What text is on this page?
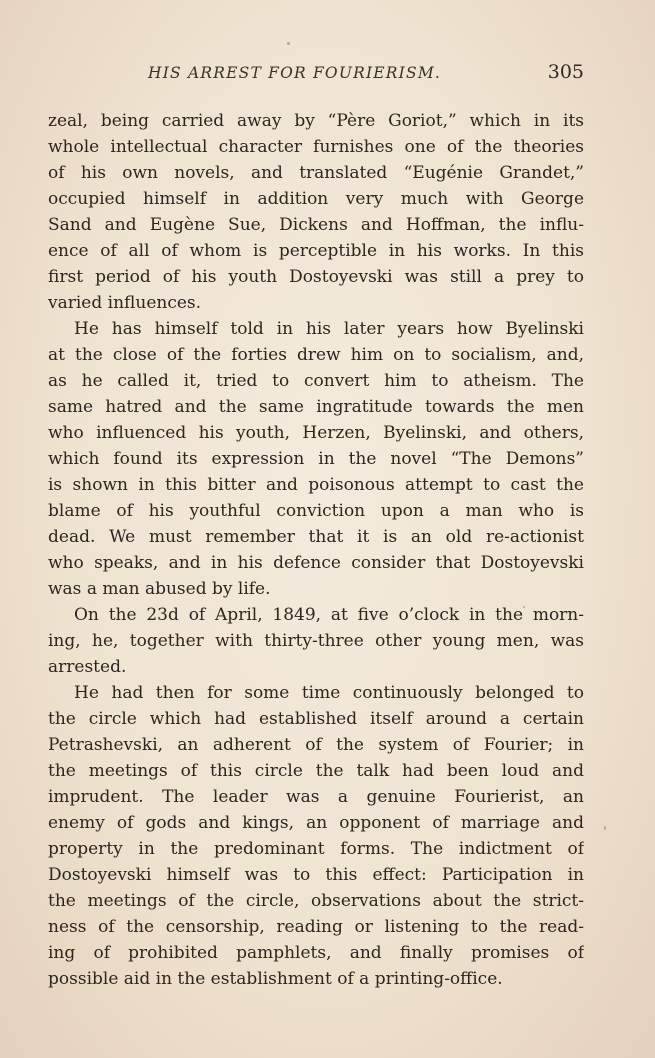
HIS ARREST FOR FOURIERISM.	305
zeal, being carried away by “Père Goriot,” which in its
whole intellectual character furnishes one of the theories
of his own novels, and translated “Eugénie Grandet,”
occupied himself in addition very much with George
Sand and Eugène Sue, Dickens and Hoffman, the influ-
ence of all of whom is perceptible in his works. In this
first period of his youth Dostoyevski was still a prey to
varied influences.
He has himself told in his later years how Byelinski
at the close of the forties drew him on to socialism, and,
as he called it, tried to convert him to atheism. The
same hatred and the same ingratitude towards the men
who influenced his youth, Herzen, Byelinski, and others,
which found its expression in the novel “The Demons”
is shown in this bitter and poisonous attempt to cast the
blame of his youthful conviction upon a man who is
dead. We must remember that it is an old re-actionist
who speaks, and in his defence consider that Dostoyevski
was a man abused by life.
On the 23d of April, 1849, at five o’clock in the morn-
ing, he, together with thirty-three other young men, was
arrested.
He had then for some time continuously belonged to
the circle which had established itself around a certain
Petrashevski, an adherent of the system of Fourier; in
the meetings of this circle the talk had been loud and
imprudent. The leader was a genuine Fourierist, an
enemy of gods and kings, an opponent of marriage and
property in the predominant forms. The indictment of
Dostoyevski himself was to this effect: Participation in
the meetings of the circle, observations about the strict-
ness of the censorship, reading or listening to the read-
ing of prohibited pamphlets, and finally promises of
possible aid in the establishment of a printing-office.
